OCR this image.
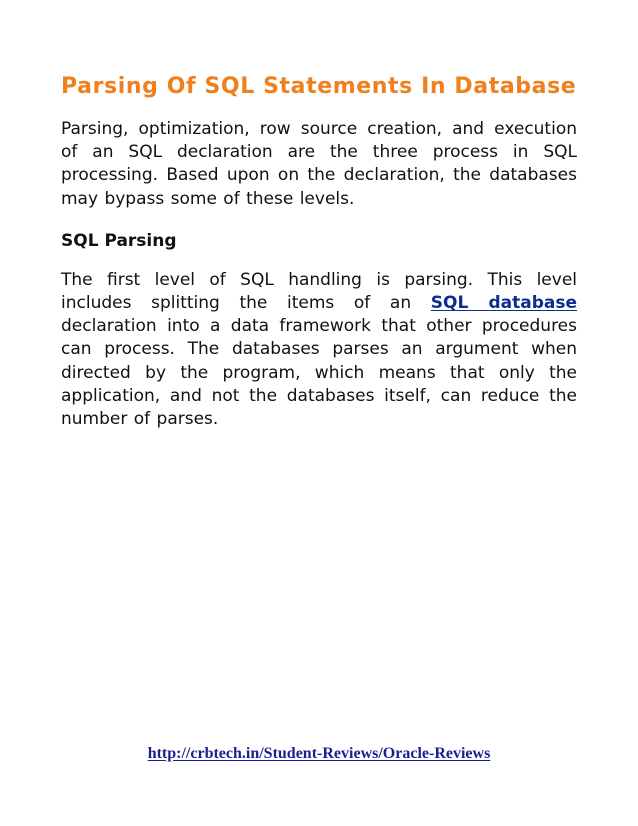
Parsing Of SQL Statements In Database

Parsing, optimization, row source creation, and execution of an SQL declaration are the three process in SQL processing. Based upon on the declaration, the databases may bypass some of these levels.

SQL Parsing

The first level of SQL handling is parsing. This level includes splitting the items of an SQL database declaration into a data framework that other procedures can process. The databases parses an argument when directed by the program, which means that only the application, and not the databases itself, can reduce the number of parses.

http://crbtech.in/Student-Reviews/Oracle-Reviews
